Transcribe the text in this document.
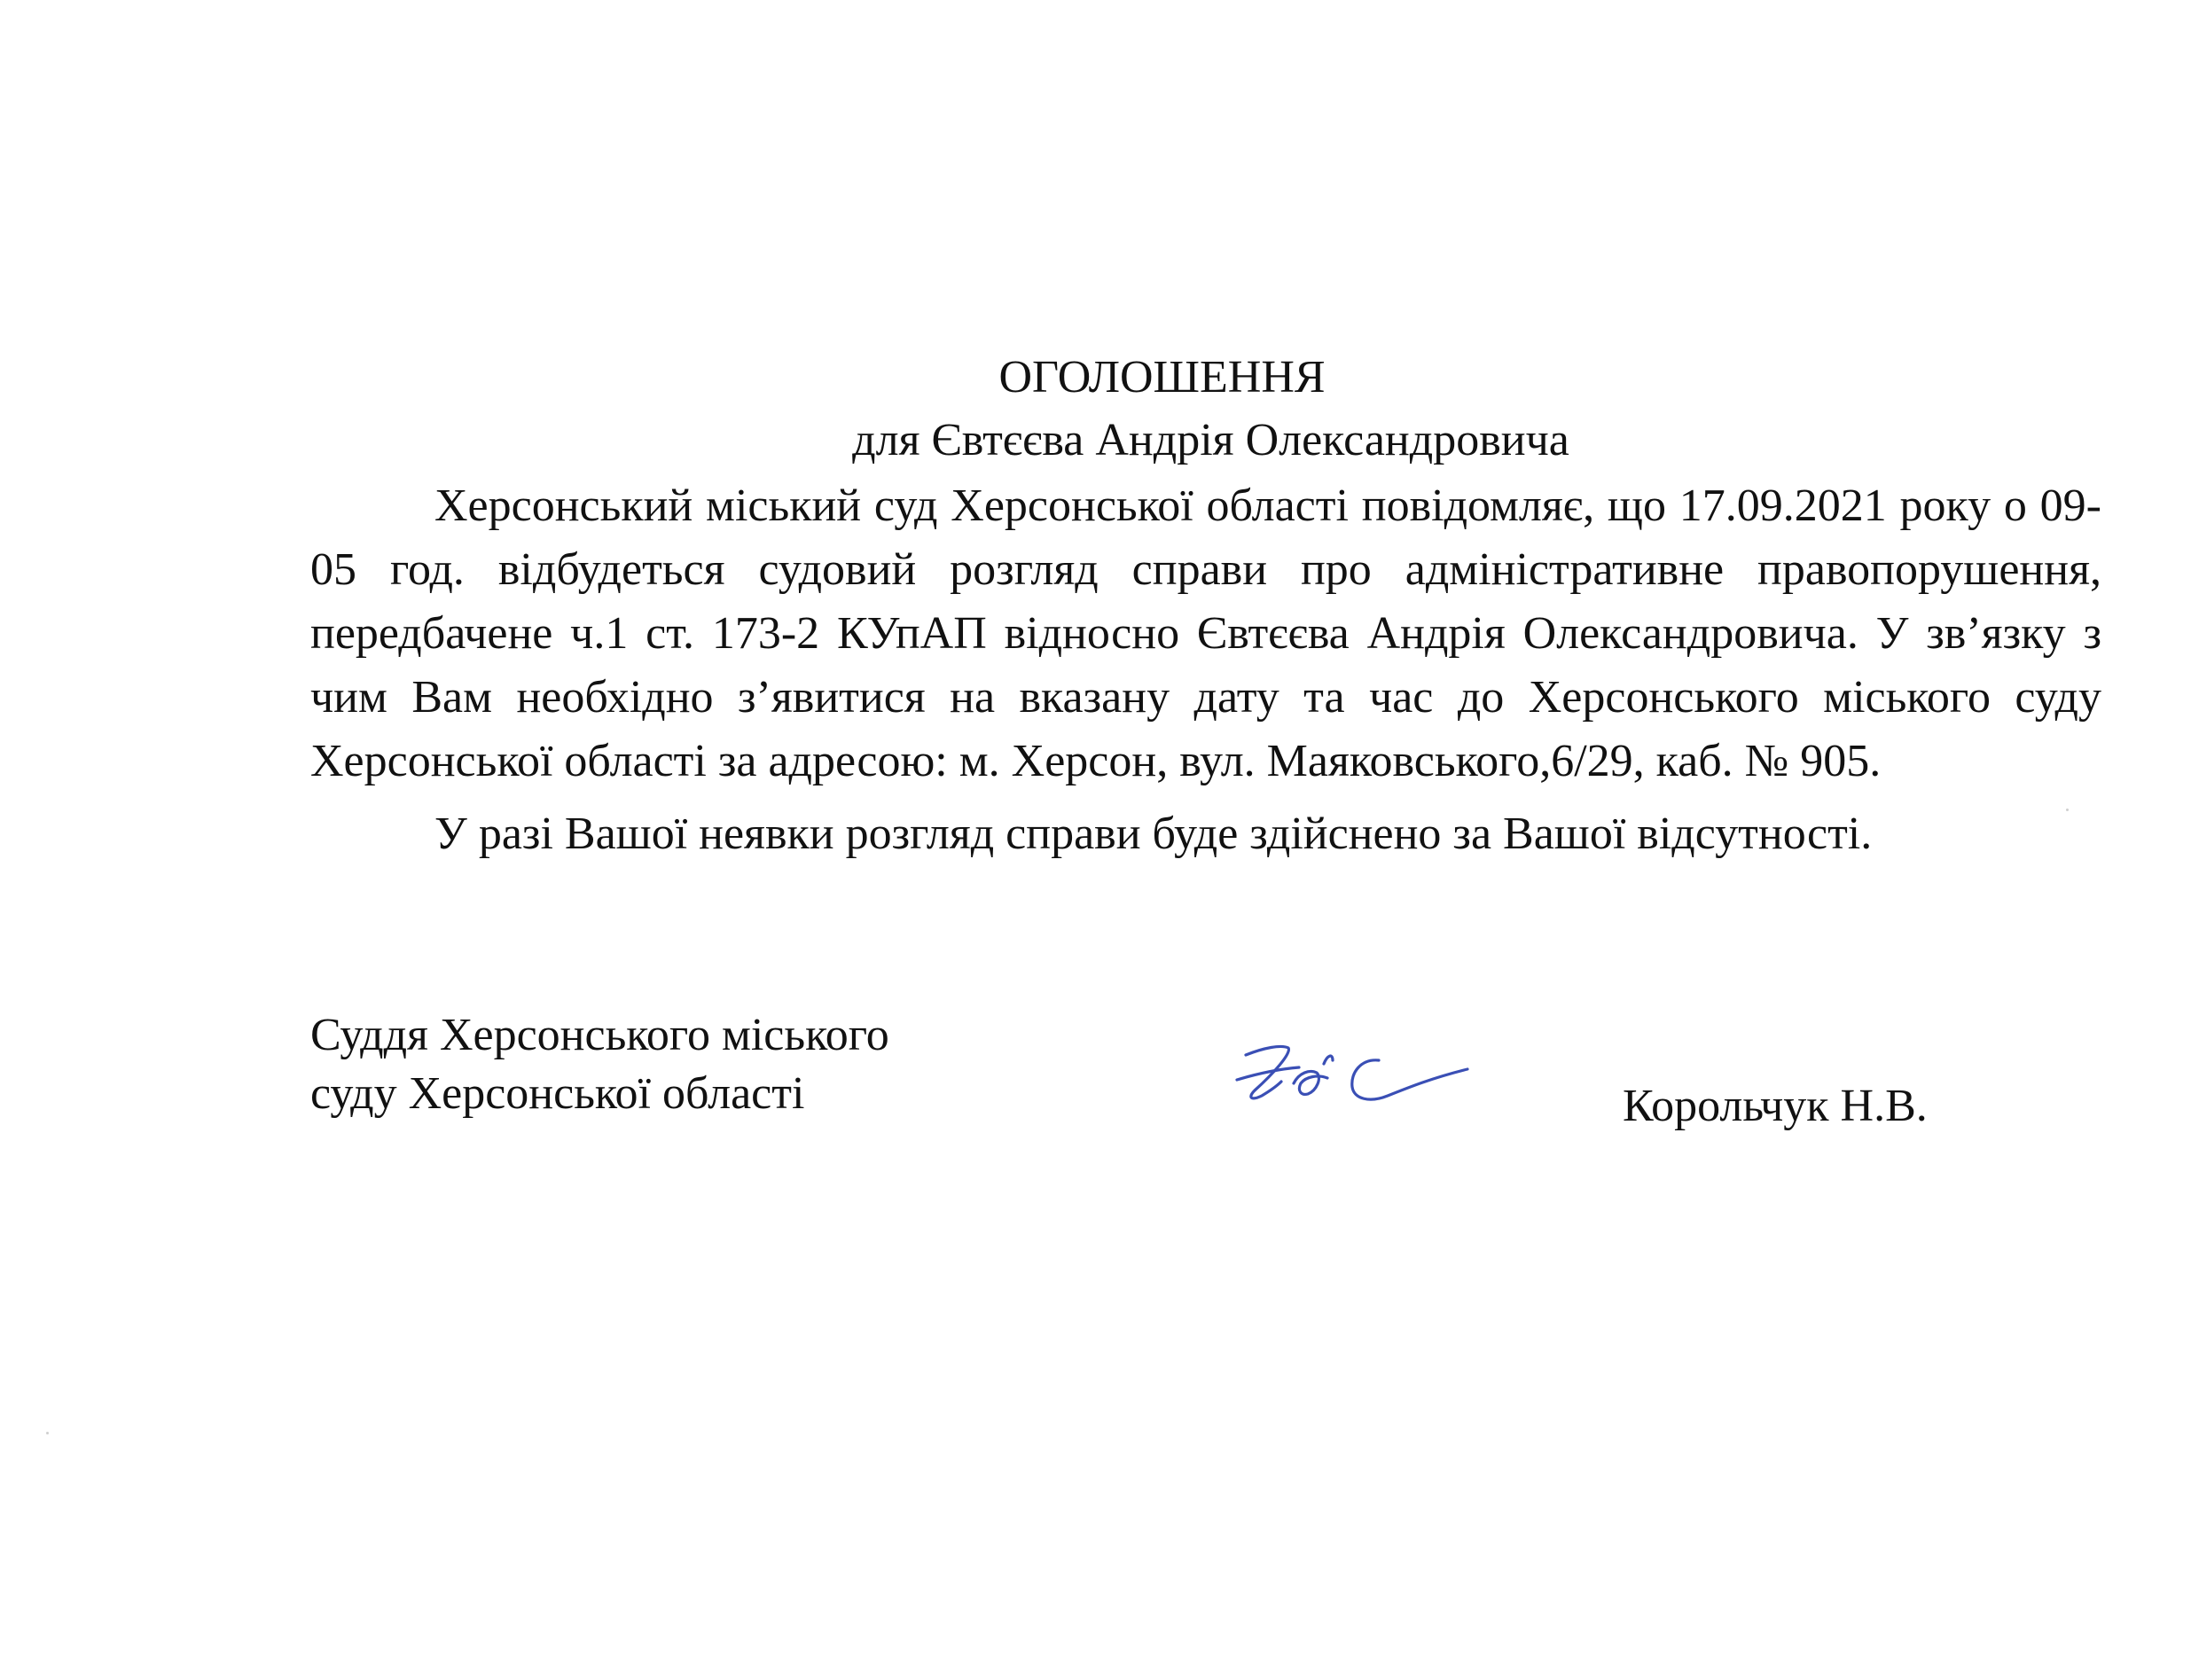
ОГОЛОШЕННЯ
для Євтєєва Андрія Олександровича

Херсонський міський суд Херсонської області повідомляє, що 17.09.2021 року о 09-05 год. відбудеться судовий розгляд справи про адміністративне правопорушення, передбачене ч.1 ст. 173-2 КУпАП відносно Євтєєва Андрія Олександровича. У зв’язку з чим Вам необхідно з’явитися на вказану дату та час до Херсонського міського суду Херсонської області за адресою: м. Херсон, вул. Маяковського,6/29, каб. № 905.

У разі Вашої неявки розгляд справи буде здійснено за Вашої відсутності.

Суддя Херсонського міського
суду Херсонської області	Корольчук Н.В.
